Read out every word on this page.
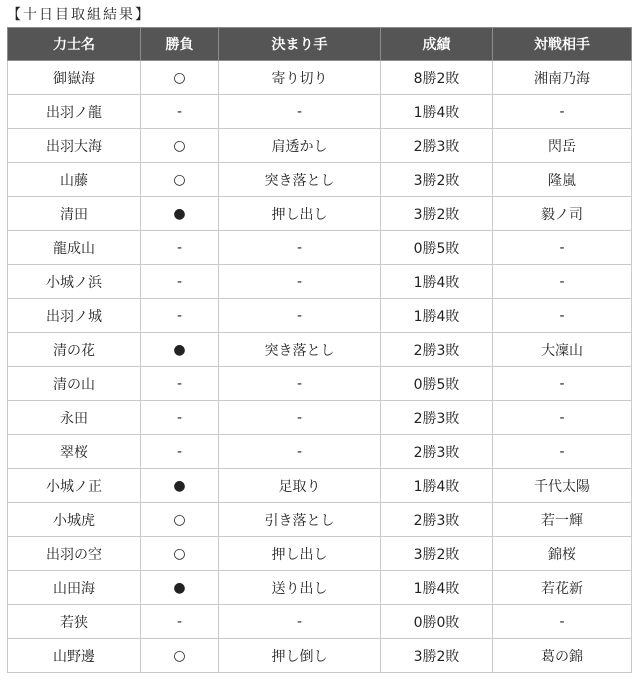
【十日目取組結果】
力士名	勝負	決まり手	成績	対戦相手
御嶽海	○	寄り切り	8勝2敗	湘南乃海
出羽ノ龍	-	-	1勝4敗	-
出羽大海	○	肩透かし	2勝3敗	閃岳
山藤	○	突き落とし	3勝2敗	隆嵐
清田	●	押し出し	3勝2敗	毅ノ司
龍成山	-	-	0勝5敗	-
小城ノ浜	-	-	1勝4敗	-
出羽ノ城	-	-	1勝4敗	-
清の花	●	突き落とし	2勝3敗	大凜山
清の山	-	-	0勝5敗	-
永田	-	-	2勝3敗	-
翠桜	-	-	2勝3敗	-
小城ノ正	●	足取り	1勝4敗	千代太陽
小城虎	○	引き落とし	2勝3敗	若一輝
出羽の空	○	押し出し	3勝2敗	錦桜
山田海	●	送り出し	1勝4敗	若花新
若狭	-	-	0勝0敗	-
山野邊	○	押し倒し	3勝2敗	葛の錦
